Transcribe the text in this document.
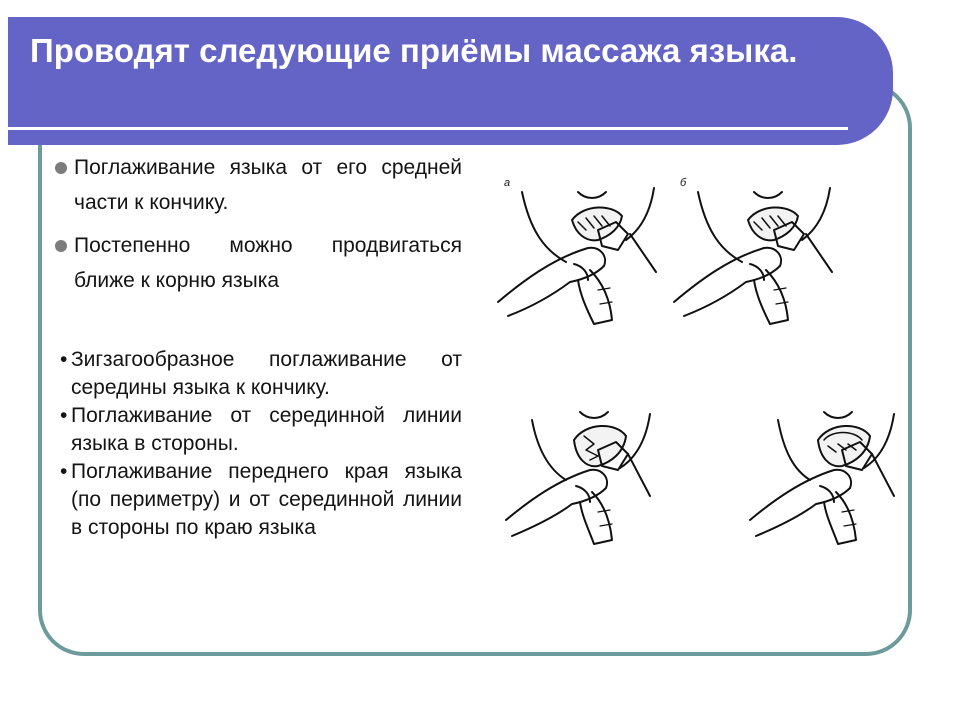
Проводят следующие приёмы массажа языка.

Поглаживание языка от его средней части к кончику.

Постепенно можно продвигаться ближе к корню языка

• Зигзагообразное поглаживание от середины языка к кончику.

• Поглаживание от серединной линии языка в стороны.

• Поглаживание переднего края языка (по периметру) и от серединной линии в стороны по краю языка

а	б
